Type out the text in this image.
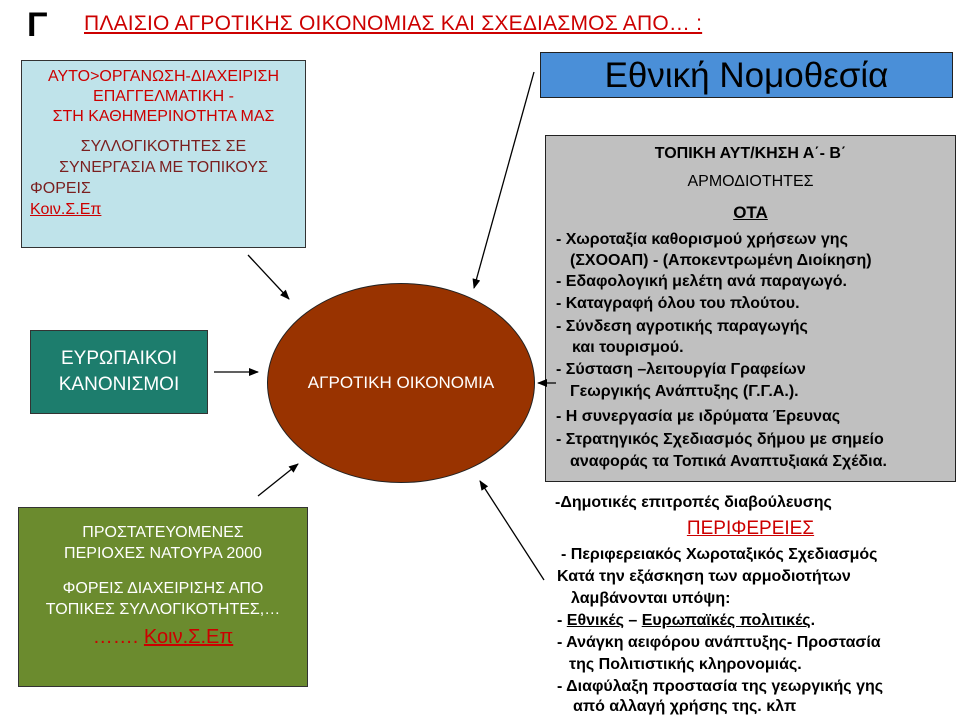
Γ ΠΛΑΙΣΙΟ ΑΓΡΟΤΙΚΗΣ ΟΙΚΟΝΟΜΙΑΣ ΚΑΙ ΣΧΕΔΙΑΣΜΟΣ ΑΠΟ… :
ΑΥΤΟ>ΟΡΓΑΝΩΣΗ-ΔΙΑΧΕΙΡΙΣΗ
ΕΠΑΓΓΕΛΜΑΤΙΚΗ -
ΣΤΗ ΚΑΘΗΜΕΡΙΝΟΤΗΤΑ ΜΑΣ
ΣΥΛΛΟΓΙΚΟΤΗΤΕΣ ΣΕ
ΣΥΝΕΡΓΑΣΙΑ ΜΕ ΤΟΠΙΚΟΥΣ
ΦΟΡΕΙΣ
Κοιν.Σ.Επ
ΕΥΡΩΠΑΙΚΟΙ
ΚΑΝΟΝΙΣΜΟΙ
ΠΡΟΣΤΑΤΕΥΟΜΕΝΕΣ
ΠΕΡΙΟΧΕΣ ΝΑΤΟΥΡΑ 2000
ΦΟΡΕΙΣ ΔΙΑΧΕΙΡΙΣΗΣ ΑΠΟ
ΤΟΠΙΚΕΣ ΣΥΛΛΟΓΙΚΟΤΗΤΕΣ,…
……. Κοιν.Σ.Επ
ΑΓΡΟΤΙΚΗ ΟΙΚΟΝΟΜΙΑ
Εθνική Νομοθεσία
ΤΟΠΙΚΗ ΑΥΤ/ΚΗΣΗ Α΄- Β΄
ΑΡΜΟΔΙΟΤΗΤΕΣ
ΟΤΑ
- Χωροταξία καθορισμού χρήσεων γης
(ΣΧΟΟΑΠ) - (Αποκεντρωμένη Διοίκηση)
- Εδαφολογική μελέτη ανά παραγωγό.
- Καταγραφή όλου του πλούτου.
- Σύνδεση αγροτικής παραγωγής
και τουρισμού.
- Σύσταση –λειτουργία Γραφείων
Γεωργικής Ανάπτυξης (Γ.Γ.Α.).
- Η συνεργασία με ιδρύματα Έρευνας
- Στρατηγικός Σχεδιασμός δήμου με σημείο
αναφοράς τα Τοπικά Αναπτυξιακά Σχέδια.
-Δημοτικές επιτροπές διαβούλευσης
ΠΕΡΙΦΕΡΕΙΕΣ
- Περιφερειακός Χωροταξικός Σχεδιασμός
Κατά την εξάσκηση των αρμοδιοτήτων
λαμβάνονται υπόψη:
- Εθνικές – Ευρωπαϊκές πολιτικές.
- Ανάγκη αειφόρου ανάπτυξης- Προστασία
της Πολιτιστικής κληρονομιάς.
- Διαφύλαξη προστασία της γεωργικής γης
από αλλαγή χρήσης της. κλπ
